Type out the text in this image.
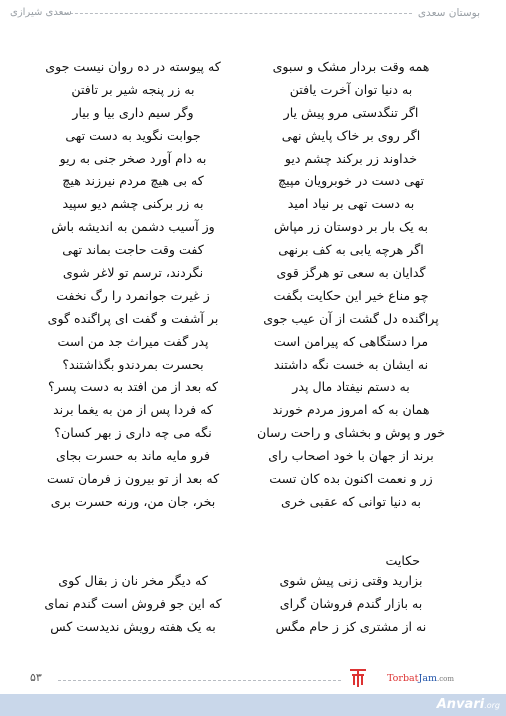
بوستان سعدی
سعدی شیرازی
همه وقت بردار مشک و سبوی
که پیوسته در ده روان نیست جوی
به دنیا توان آخرت یافتن
به زر پنجه شیر بر تافتن
اگر تنگدستی مرو پیش یار
وگر سیم داری بیا و بیار
اگر روی بر خاک پایش نهی
جوابت نگوید به دست تهی
خداوند زر برکند چشم دیو
به دام آورد صخر جنی به ریو
تهی دست در خوبرویان مپیچ
که بی هیچ مردم نیرزند هیچ
به دست تهی بر نیاد امید
به زر برکنی چشم دیو سپید
به یک بار بر دوستان زر مپاش
وز آسیب دشمن به اندیشه باش
اگر هرچه یابی به کف برنهی
کفت وقت حاجت بماند تهی
گدایان به سعی تو هرگز قوی
نگردند، ترسم تو لاغر شوی
چو مناع خیر این حکایت بگفت
ز غیرت جوانمرد را رگ نخفت
پراگنده دل گشت از آن عیب جوی
بر آشفت و گفت ای پراگنده گوی
مرا دستگاهی که پیرامن است
پدر گفت میراث جد من است
نه ایشان به خست نگه داشتند
بحسرت بمردندو بگذاشتند؟
به دستم نیفتاد مال پدر
که بعد از من افتد به دست پسر؟
همان به که امروز مردم خورند
که فردا پس از من به یغما برند
خور و پوش و بخشای و راحت رسان
نگه می چه داری ز بهر کسان؟
برند از جهان با خود اصحاب رای
فرو مایه ماند به حسرت بجای
زر و نعمت اکنون بده کان تست
که بعد از تو بیرون ز فرمان تست
به دنیا توانی که عقبی خری
بخر، جان من، ورنه حسرت بری
حکایت
بزارید وقتی زنی پیش شوی
که دیگر مخر نان ز بقال کوی
به بازار گندم فروشان گرای
که این جو فروش است گندم نمای
نه از مشتری کز ز حام مگس
به یک هفته رویش ندیدست کس
۵۳	TorbatJam.com
Anvari.org
